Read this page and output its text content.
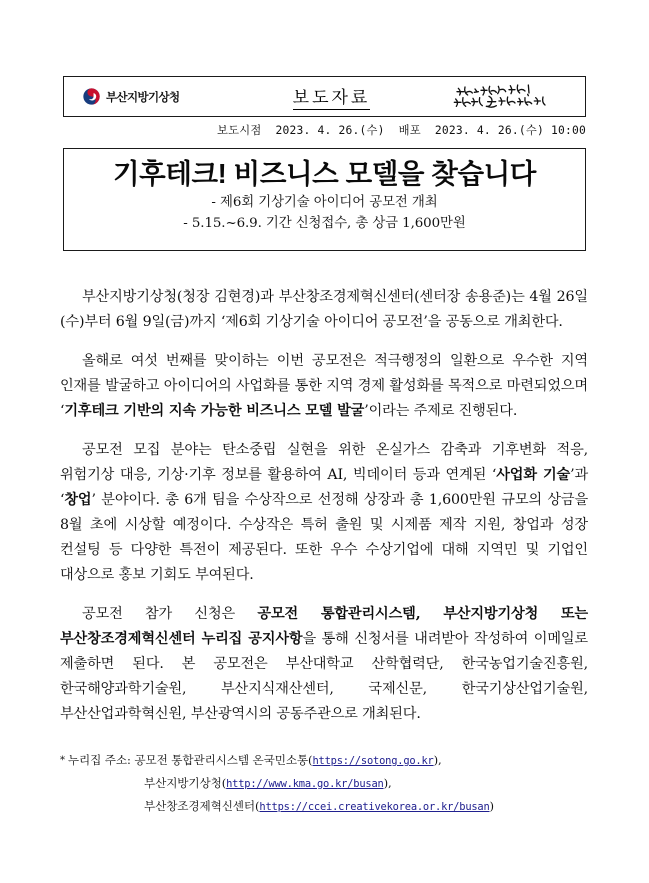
부산지방기상청	보도자료
보도시점 2023. 4. 26.(수) 배포 2023. 4. 26.(수) 10:00
기후테크! 비즈니스 모델을 찾습니다
- 제6회 기상기술 아이디어 공모전 개최
- 5.15.~6.9. 기간 신청접수, 총 상금 1,600만원

부산지방기상청(청장 김현경)과 부산창조경제혁신센터(센터장 송용준)는 4월 26일(수)부터 6월 9일(금)까지 ‘제6회 기상기술 아이디어 공모전’을 공동으로 개최한다.

올해로 여섯 번째를 맞이하는 이번 공모전은 적극행정의 일환으로 우수한 지역 인재를 발굴하고 아이디어의 사업화를 통한 지역 경제 활성화를 목적으로 마련되었으며 ‘기후테크 기반의 지속 가능한 비즈니스 모델 발굴’이라는 주제로 진행된다.

공모전 모집 분야는 탄소중립 실현을 위한 온실가스 감축과 기후변화 적응, 위험기상 대응, 기상·기후 정보를 활용하여 AI, 빅데이터 등과 연계된 ‘사업화 기술’과 ‘창업’ 분야이다. 총 6개 팀을 수상작으로 선정해 상장과 총 1,600만원 규모의 상금을 8월 초에 시상할 예정이다. 수상작은 특허 출원 및 시제품 제작 지원, 창업과 성장 컨설팅 등 다양한 특전이 제공된다. 또한 우수 수상기업에 대해 지역민 및 기업인 대상으로 홍보 기회도 부여된다.

공모전 참가 신청은 공모전 통합관리시스템, 부산지방기상청 또는 부산창조경제혁신센터 누리집 공지사항을 통해 신청서를 내려받아 작성하여 이메일로 제출하면 된다. 본 공모전은 부산대학교 산학협력단, 한국농업기술진흥원, 한국해양과학기술원, 부산지식재산센터, 국제신문, 한국기상산업기술원, 부산산업과학혁신원, 부산광역시의 공동주관으로 개최된다.

* 누리집 주소: 공모전 통합관리시스템 온국민소통(https://sotong.go.kr),
부산지방기상청(http://www.kma.go.kr/busan),
부산창조경제혁신센터(https://ccei.creativekorea.or.kr/busan)
